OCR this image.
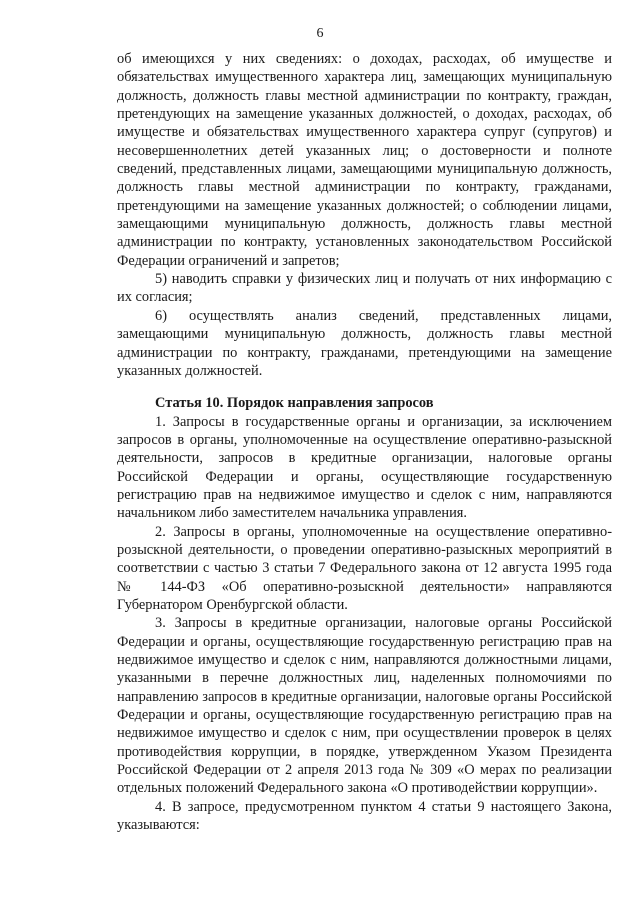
6

об имеющихся у них сведениях: о доходах, расходах, об имуществе и обязательствах имущественного характера лиц, замещающих муниципальную должность, должность главы местной администрации по контракту, граждан, претендующих на замещение указанных должностей, о доходах, расходах, об имуществе и обязательствах имущественного характера супруг (супругов) и несовершеннолетних детей указанных лиц; о достоверности и полноте сведений, представленных лицами, замещающими муниципальную должность, должность главы местной администрации по контракту, гражданами, претендующими на замещение указанных должностей; о соблюдении лицами, замещающими муниципальную должность, должность главы местной администрации по контракту, установленных законодательством Российской Федерации ограничений и запретов;

5) наводить справки у физических лиц и получать от них информацию с их согласия;

6) осуществлять анализ сведений, представленных лицами, замещающими муниципальную должность, должность главы местной администрации по контракту, гражданами, претендующими на замещение указанных должностей.

Статья 10. Порядок направления запросов

1. Запросы в государственные органы и организации, за исключением запросов в органы, уполномоченные на осуществление оперативно-разыскной деятельности, запросов в кредитные организации, налоговые органы Российской Федерации и органы, осуществляющие государственную регистрацию прав на недвижимое имущество и сделок с ним, направляются начальником либо заместителем начальника управления.

2. Запросы в органы, уполномоченные на осуществление оперативно-розыскной деятельности, о проведении оперативно-разыскных мероприятий в соответствии с частью 3 статьи 7 Федерального закона от 12 августа 1995 года № 144-ФЗ «Об оперативно-розыскной деятельности» направляются Губернатором Оренбургской области.

3. Запросы в кредитные организации, налоговые органы Российской Федерации и органы, осуществляющие государственную регистрацию прав на недвижимое имущество и сделок с ним, направляются должностными лицами, указанными в перечне должностных лиц, наделенных полномочиями по направлению запросов в кредитные организации, налоговые органы Российской Федерации и органы, осуществляющие государственную регистрацию прав на недвижимое имущество и сделок с ним, при осуществлении проверок в целях противодействия коррупции, в порядке, утвержденном Указом Президента Российской Федерации от 2 апреля 2013 года № 309 «О мерах по реализации отдельных положений Федерального закона «О противодействии коррупции».

4. В запросе, предусмотренном пунктом 4 статьи 9 настоящего Закона, указываются:
